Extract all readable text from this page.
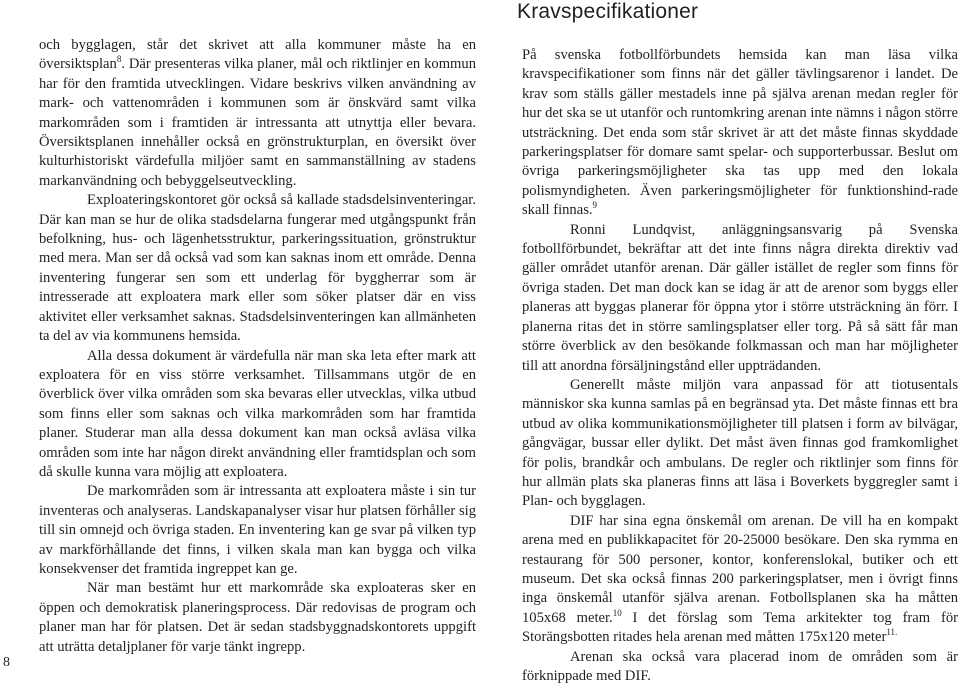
8
Kravspecifikationer

och bygglagen, står det skrivet att alla kommuner måste ha en översiktsplan$^8$. Där presenteras vilka planer, mål och riktlinjer en kommun har för den framtida utvecklingen. Vidare beskrivs vilken användning av mark- och vattenområden i kommunen som är önskvärd samt vilka markområden som i framtiden är intressanta att utnyttja eller bevara. Översiktsplanen innehåller också en grönstrukturplan, en översikt över kulturhistoriskt värdefulla miljöer samt en sammanställning av stadens markanvändning och bebyggelseutveckling.

Exploateringskontoret gör också så kallade stadsdelsinventeringar. Där kan man se hur de olika stadsdelarna fungerar med utgångspunkt från befolkning, hus- och lägenhetsstruktur, parkeringssituation, grönstruktur med mera. Man ser då också vad som kan saknas inom ett område. Denna inventering fungerar sen som ett underlag för byggherrar som är intresserade att exploatera mark eller som söker platser där en viss aktivitet eller verksamhet saknas. Stadsdelsinventeringen kan allmänheten ta del av via kommunens hemsida.

Alla dessa dokument är värdefulla när man ska leta efter mark att exploatera för en viss större verksamhet. Tillsammans utgör de en överblick över vilka områden som ska bevaras eller utvecklas, vilka utbud som finns eller som saknas och vilka markområden som har framtida planer. Studerar man alla dessa dokument kan man också avläsa vilka områden som inte har någon direkt användning eller framtidsplan och som då skulle kunna vara möjlig att exploatera.

De markområden som är intressanta att exploatera måste i sin tur inventeras och analyseras. Landskapanalyser visar hur platsen förhåller sig till sin omnejd och övriga staden. En inventering kan ge svar på vilken typ av markförhållande det finns, i vilken skala man kan bygga och vilka konsekvenser det framtida ingreppet kan ge.

När man bestämt hur ett markområde ska exploateras sker en öppen och demokratisk planeringsprocess. Där redovisas de program och planer man har för platsen. Det är sedan stadsbyggnadskontorets uppgift att uträtta detaljplaner för varje tänkt ingrepp.

På svenska fotbollförbundets hemsida kan man läsa vilka kravspecifikationer som finns när det gäller tävlingsarenor i landet. De krav som ställs gäller mestadels inne på själva arenan medan regler för hur det ska se ut utanför och runtomkring arenan inte nämns i någon större utsträckning. Det enda som står skrivet är att det måste finnas skyddade parkeringsplatser för domare samt spelar- och supporterbussar. Beslut om övriga parkeringsmöjligheter ska tas upp med den lokala polismyndigheten. Även parkeringsmöjligheter för funktionshind-rade skall finnas.$^9$

Ronni Lundqvist, anläggningsansvarig på Svenska fotbollförbundet, bekräftar att det inte finns några direkta direktiv vad gäller området utanför arenan. Där gäller istället de regler som finns för övriga staden. Det man dock kan se idag är att de arenor som byggs eller planeras att byggas planerar för öppna ytor i större utsträckning än förr. I planerna ritas det in större samlingsplatser eller torg. På så sätt får man större överblick av den besökande folkmassan och man har möjligheter till att anordna försäljningstånd eller uppträdanden.

Generellt måste miljön vara anpassad för att tiotusentals människor ska kunna samlas på en begränsad yta. Det måste finnas ett bra utbud av olika kommunikationsmöjligheter till platsen i form av bilvägar, gångvägar, bussar eller dylikt. Det måst även finnas god framkomlighet för polis, brandkår och ambulans. De regler och riktlinjer som finns för hur allmän plats ska planeras finns att läsa i Boverkets byggregler samt i Plan- och bygglagen.

DIF har sina egna önskemål om arenan. De vill ha en kompakt arena med en publikkapacitet för 20-25000 besökare. Den ska rymma en restaurang för 500 personer, kontor, konferenslokal, butiker och ett museum. Det ska också finnas 200 parkeringsplatser, men i övrigt finns inga önskemål utanför själva arenan. Fotbollsplanen ska ha måtten 105x68 meter.$^{10}$ I det förslag som Tema arkitekter tog fram för Storängsbotten ritades hela arenan med måtten 175x120 meter$^{11.}$

Arenan ska också vara placerad inom de områden som är förknippade med DIF.
